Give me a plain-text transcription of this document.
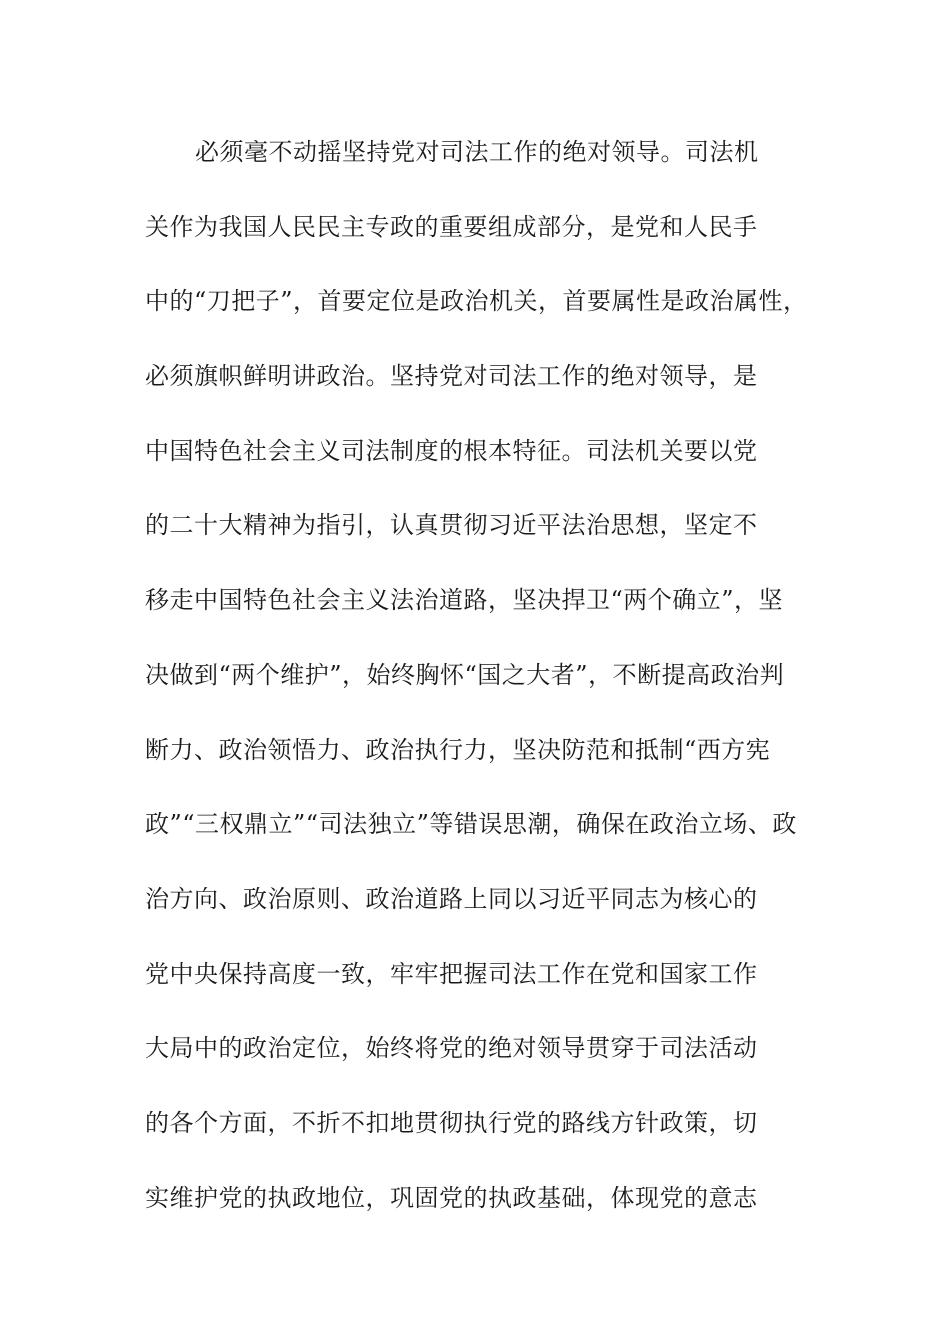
必须毫不动摇坚持党对司法工作的绝对领导。司法机
关作为我国人民民主专政的重要组成部分，是党和人民手
中的“刀把子”，首要定位是政治机关，首要属性是政治属性，
必须旗帜鲜明讲政治。坚持党对司法工作的绝对领导，是
中国特色社会主义司法制度的根本特征。司法机关要以党
的二十大精神为指引，认真贯彻习近平法治思想，坚定不
移走中国特色社会主义法治道路，坚决捍卫“两个确立”，坚
决做到“两个维护”，始终胸怀“国之大者”，不断提高政治判
断力、政治领悟力、政治执行力，坚决防范和抵制“西方宪
政”“三权鼎立”“司法独立”等错误思潮，确保在政治立场、政
治方向、政治原则、政治道路上同以习近平同志为核心的
党中央保持高度一致，牢牢把握司法工作在党和国家工作
大局中的政治定位，始终将党的绝对领导贯穿于司法活动
的各个方面，不折不扣地贯彻执行党的路线方针政策，切
实维护党的执政地位，巩固党的执政基础，体现党的意志
